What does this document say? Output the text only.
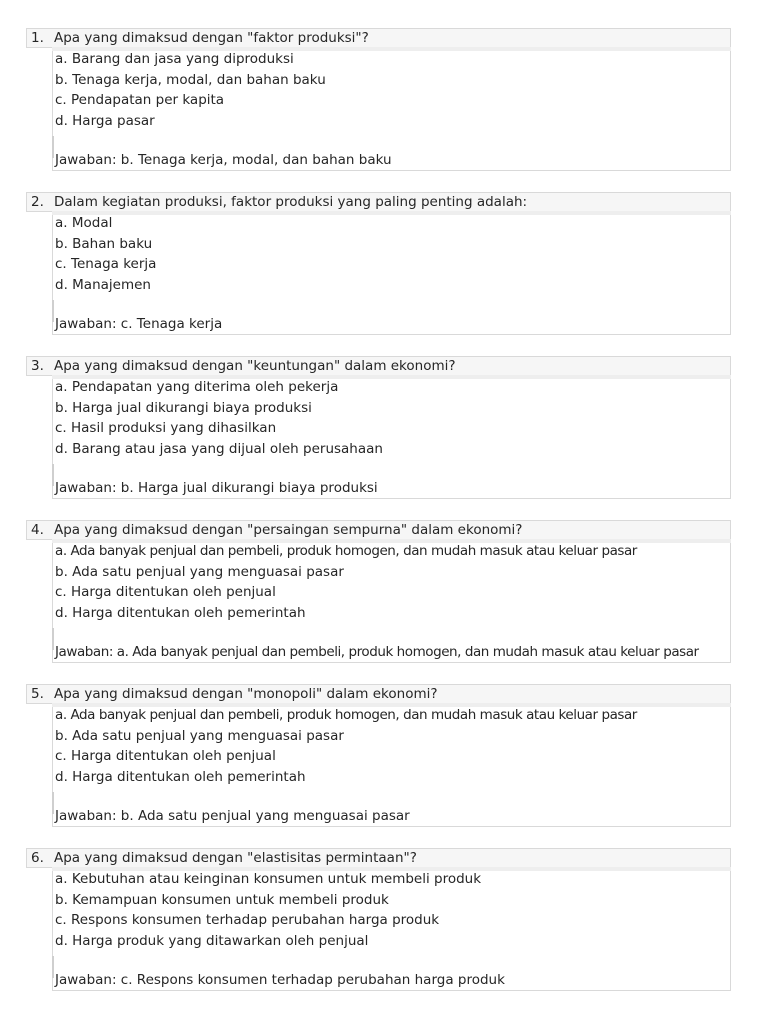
1. Apa yang dimaksud dengan "faktor produksi"?
a. Barang dan jasa yang diproduksi
b. Tenaga kerja, modal, dan bahan baku
c. Pendapatan per kapita
d. Harga pasar
Jawaban: b. Tenaga kerja, modal, dan bahan baku
2. Dalam kegiatan produksi, faktor produksi yang paling penting adalah:
a. Modal
b. Bahan baku
c. Tenaga kerja
d. Manajemen
Jawaban: c. Tenaga kerja
3. Apa yang dimaksud dengan "keuntungan" dalam ekonomi?
a. Pendapatan yang diterima oleh pekerja
b. Harga jual dikurangi biaya produksi
c. Hasil produksi yang dihasilkan
d. Barang atau jasa yang dijual oleh perusahaan
Jawaban: b. Harga jual dikurangi biaya produksi
4. Apa yang dimaksud dengan "persaingan sempurna" dalam ekonomi?
a. Ada banyak penjual dan pembeli, produk homogen, dan mudah masuk atau keluar pasar
b. Ada satu penjual yang menguasai pasar
c. Harga ditentukan oleh penjual
d. Harga ditentukan oleh pemerintah
Jawaban: a. Ada banyak penjual dan pembeli, produk homogen, dan mudah masuk atau keluar pasar
5. Apa yang dimaksud dengan "monopoli" dalam ekonomi?
a. Ada banyak penjual dan pembeli, produk homogen, dan mudah masuk atau keluar pasar
b. Ada satu penjual yang menguasai pasar
c. Harga ditentukan oleh penjual
d. Harga ditentukan oleh pemerintah
Jawaban: b. Ada satu penjual yang menguasai pasar
6. Apa yang dimaksud dengan "elastisitas permintaan"?
a. Kebutuhan atau keinginan konsumen untuk membeli produk
b. Kemampuan konsumen untuk membeli produk
c. Respons konsumen terhadap perubahan harga produk
d. Harga produk yang ditawarkan oleh penjual
Jawaban: c. Respons konsumen terhadap perubahan harga produk
